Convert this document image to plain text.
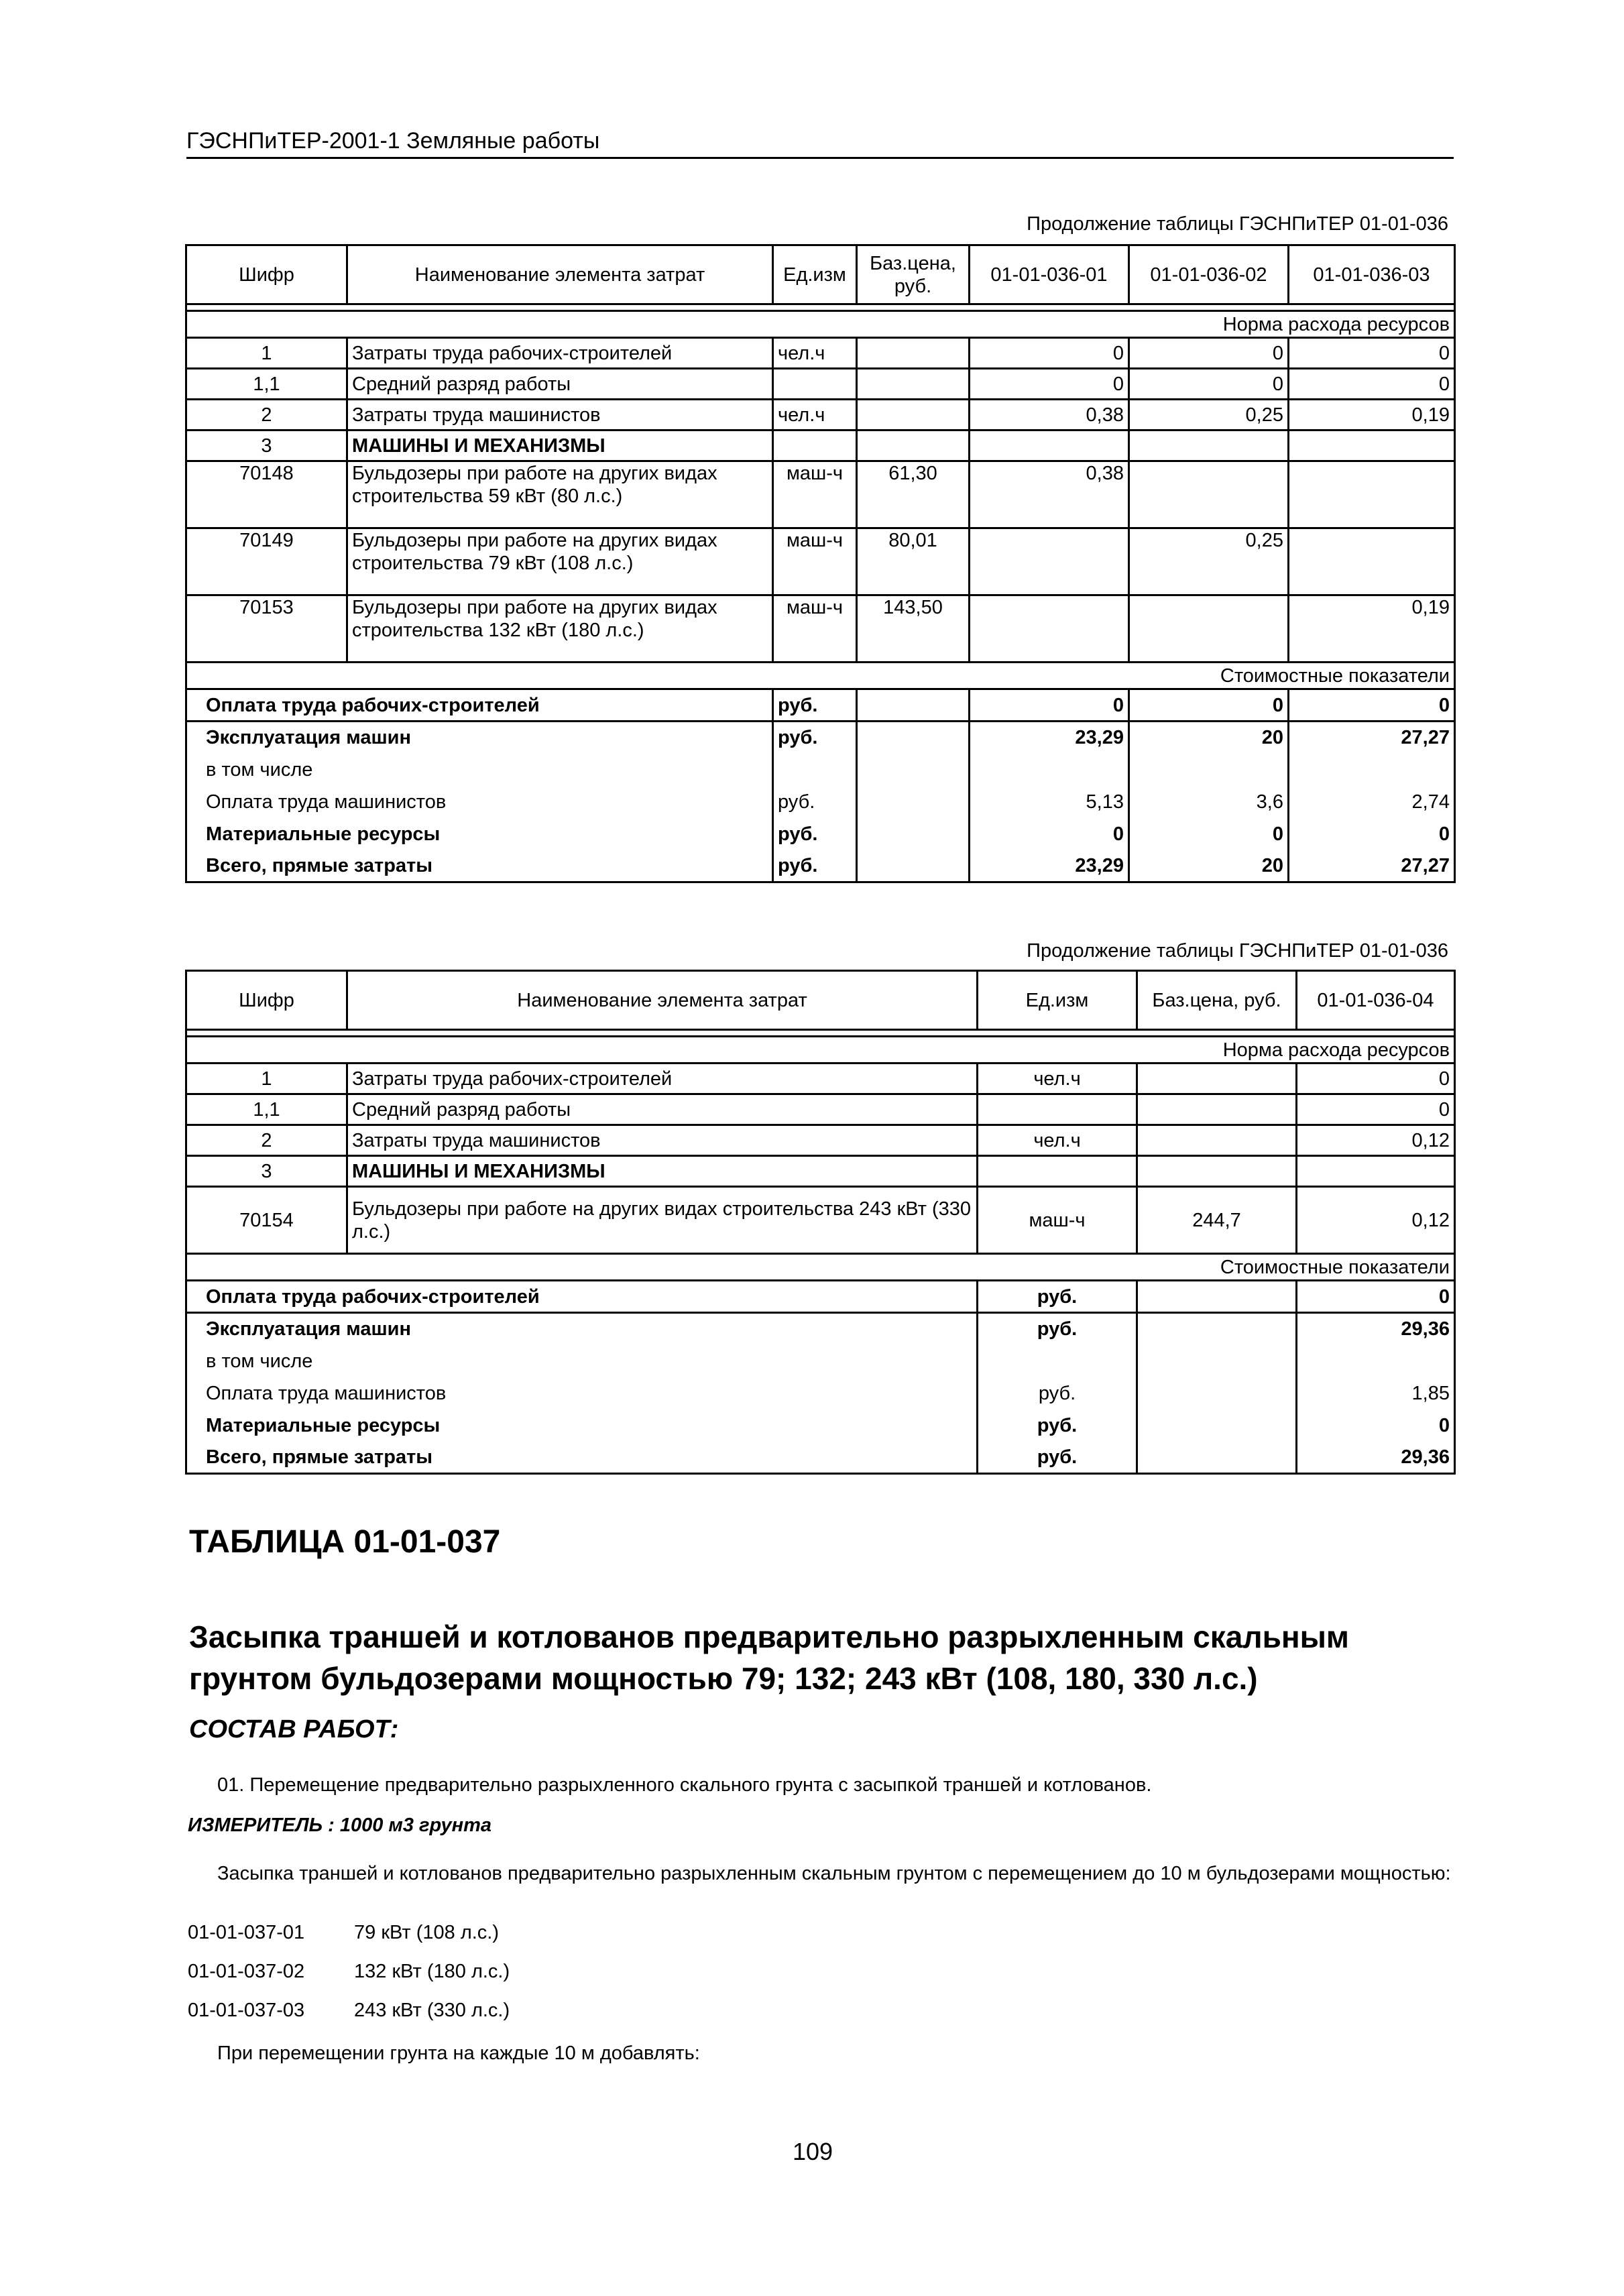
ГЭСНПиТЕР-2001-1 Земляные работы
Продолжение таблицы ГЭСНПиТЕР 01-01-036
Шифр	Наименование элемента затрат	Ед.изм	Баз.цена, руб.	01-01-036-01	01-01-036-02	01-01-036-03

Норма расхода ресурсов						
1	Затраты труда рабочих-строителей	чел.ч		0	0	0
1,1	Средний разряд работы			0	0	0
2	Затраты труда машинистов	чел.ч		0,38	0,25	0,19
3	МАШИНЫ И МЕХАНИЗМЫ					
70148	Бульдозеры при работе на других видах строительства 59 кВт (80 л.с.)	маш-ч	61,30	0,38		
70149	Бульдозеры при работе на других видах строительства 79 кВт (108 л.с.)	маш-ч	80,01		0,25	
70153	Бульдозеры при работе на других видах строительства 132 кВт (180 л.с.)	маш-ч	143,50			0,19
Стоимостные показатели						
Оплата труда рабочих-строителей		руб.		0	0	0
Эксплуатация машин		руб.		23,29	20	27,27
в том числе						
Оплата труда машинистов		руб.		5,13	3,6	2,74
Материальные ресурсы		руб.		0	0	0
Всего, прямые затраты		руб.		23,29	20	27,27
Продолжение таблицы ГЭСНПиТЕР 01-01-036
Шифр	Наименование элемента затрат	Ед.изм	Баз.цена, руб.	01-01-036-04

Норма расхода ресурсов				
1	Затраты труда рабочих-строителей	чел.ч		0
1,1	Средний разряд работы			0
2	Затраты труда машинистов	чел.ч		0,12
3	МАШИНЫ И МЕХАНИЗМЫ			
70154	Бульдозеры при работе на других видах строительства 243 кВт (330 л.с.)	маш-ч	244,7	0,12
Стоимостные показатели				
Оплата труда рабочих-строителей		руб.		0
Эксплуатация машин		руб.		29,36
в том числе				
Оплата труда машинистов		руб.		1,85
Материальные ресурсы		руб.		0
Всего, прямые затраты		руб.		29,36
ТАБЛИЦА 01-01-037
Засыпка траншей и котлованов предварительно разрыхленным скальным грунтом бульдозерами мощностью 79; 132; 243 кВт (108, 180, 330 л.с.)
СОСТАВ РАБОТ:
01. Перемещение предварительно разрыхленного скального грунта с засыпкой траншей и котлованов.
ИЗМЕРИТЕЛЬ : 1000 м3 грунта
Засыпка траншей и котлованов предварительно разрыхленным скальным грунтом с перемещением до 10 м бульдозерами мощностью:
01-01-037-01	79 кВт (108 л.с.)
01-01-037-02	132 кВт (180 л.с.)
01-01-037-03	243 кВт (330 л.с.)
При перемещении грунта на каждые 10 м добавлять:
109
